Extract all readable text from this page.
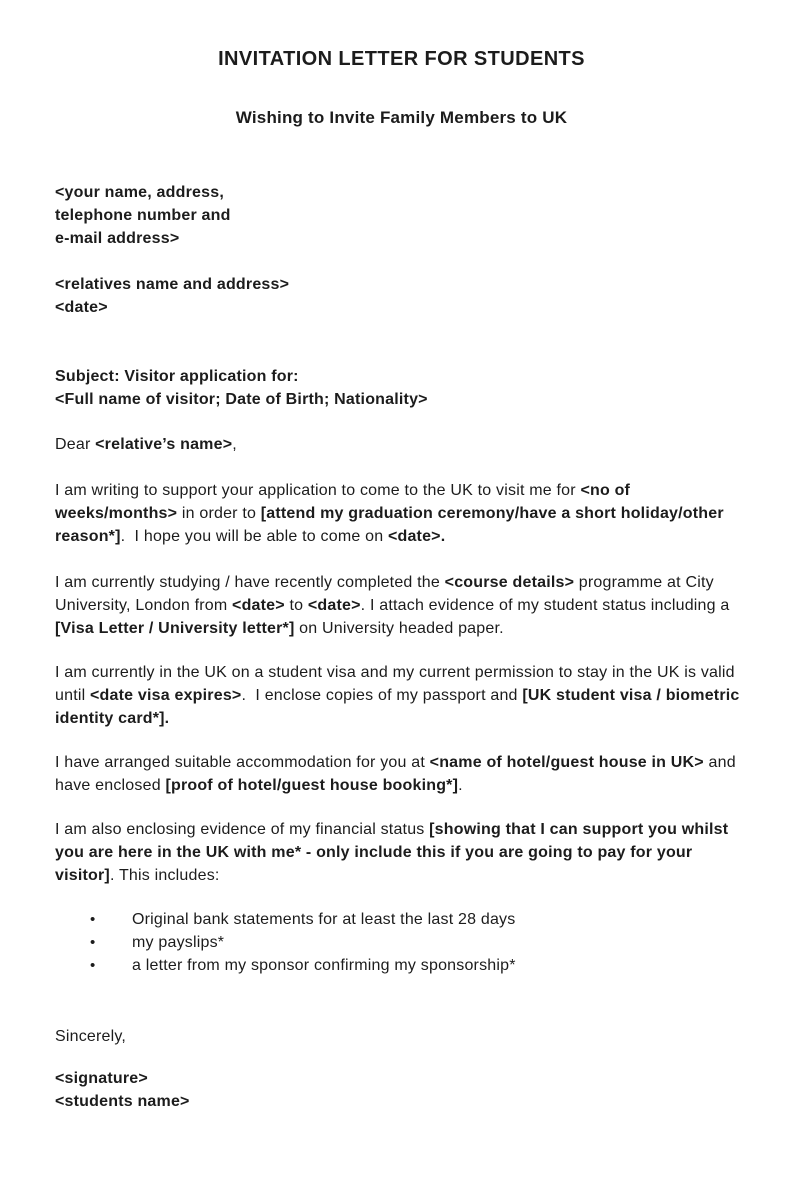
INVITATION LETTER FOR STUDENTS
Wishing to Invite Family Members to UK
<your name, address,
telephone number and
e-mail address>
<relatives name and address>
<date>
Subject: Visitor application for:
<Full name of visitor; Date of Birth; Nationality>

Dear <relative’s name>,

I am writing to support your application to come to the UK to visit me for <no of weeks/months> in order to [attend my graduation ceremony/have a short holiday/other reason*].  I hope you will be able to come on <date>.

I am currently studying / have recently completed the <course details> programme at City University, London from <date> to <date>. I attach evidence of my student status including a [Visa Letter / University letter*] on University headed paper.

I am currently in the UK on a student visa and my current permission to stay in the UK is valid until <date visa expires>.  I enclose copies of my passport and [UK student visa / biometric identity card*].

I have arranged suitable accommodation for you at <name of hotel/guest house in UK> and have enclosed [proof of hotel/guest house booking*].

I am also enclosing evidence of my financial status [showing that I can support you whilst you are here in the UK with me* - only include this if you are going to pay for your visitor]. This includes:

•	Original bank statements for at least the last 28 days
•	my payslips*
•	a letter from my sponsor confirming my sponsorship*

Sincerely,

<signature>
<students name>
